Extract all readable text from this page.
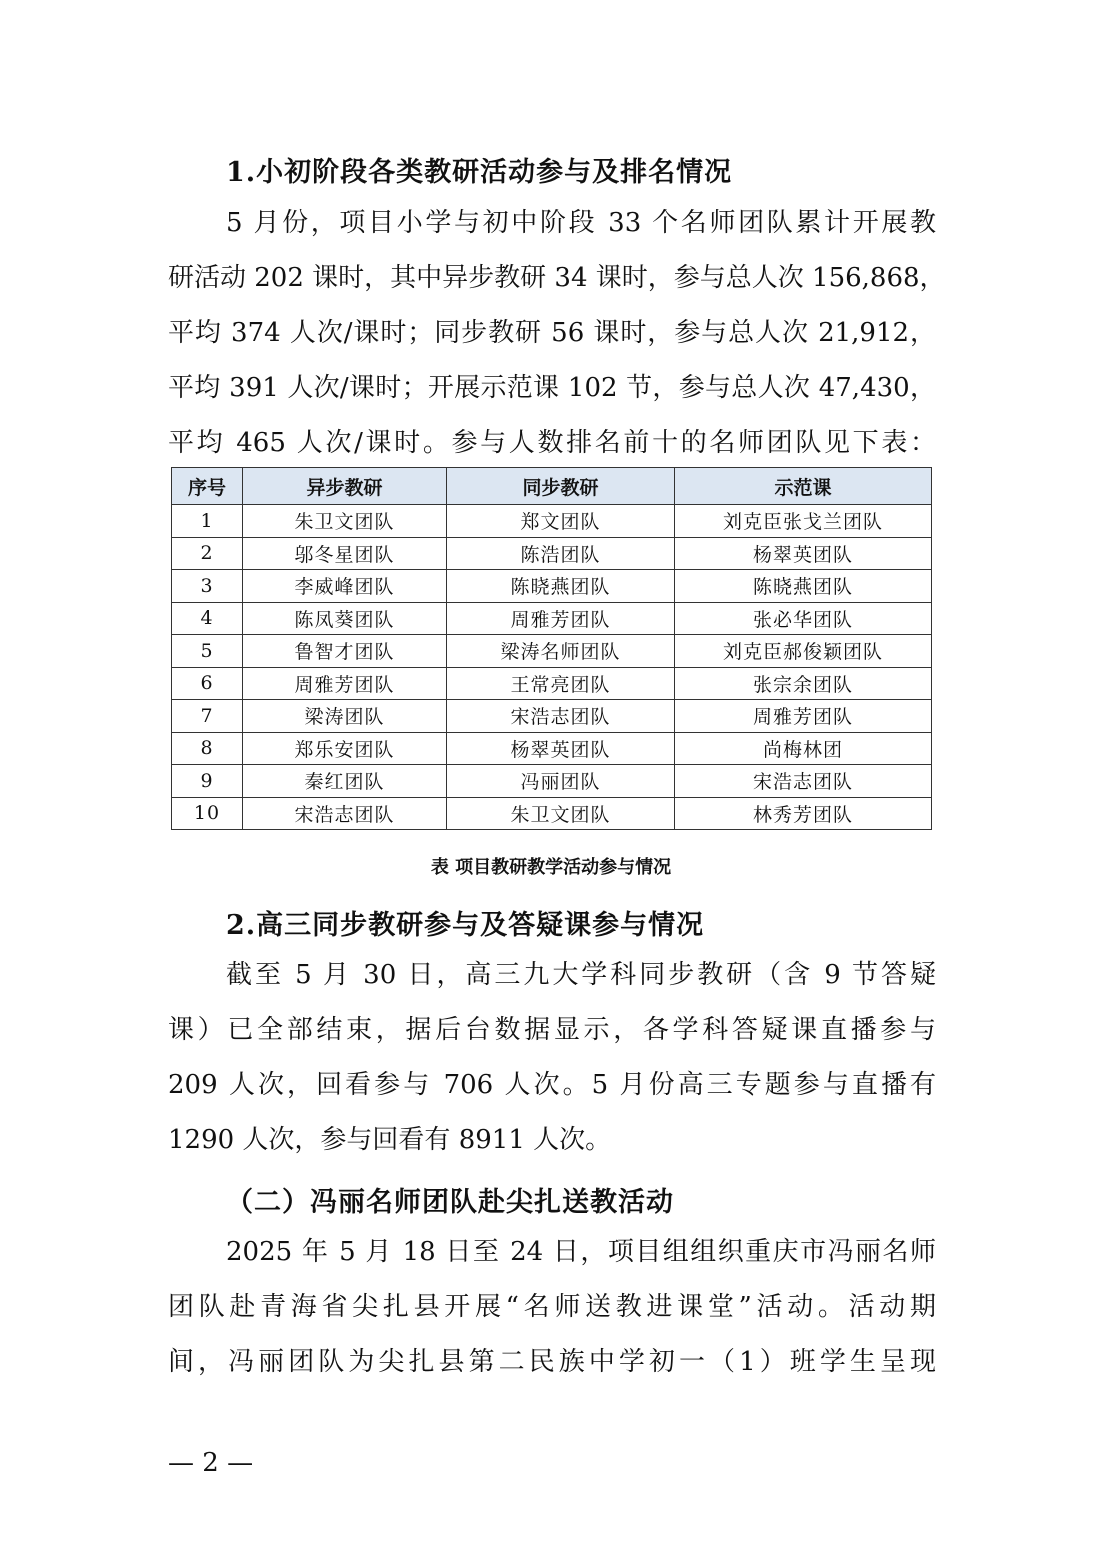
1.小初阶段各类教研活动参与及排名情况
5 月份，项目小学与初中阶段 33 个名师团队累计开展教
研活动 202 课时，其中异步教研 34 课时，参与总人次 156,868，
平均 374 人次/课时；同步教研 56 课时，参与总人次 21,912，
平均 391 人次/课时；开展示范课 102 节，参与总人次 47,430，
平均 465 人次/课时。参与人数排名前十的名师团队见下表：
序号	异步教研	同步教研	示范课
1	朱卫文团队	郑文团队	刘克臣张戈兰团队
2	邬冬星团队	陈浩团队	杨翠英团队
3	李威峰团队	陈晓燕团队	陈晓燕团队
4	陈凤葵团队	周雅芳团队	张必华团队
5	鲁智才团队	梁涛名师团队	刘克臣郝俊颖团队
6	周雅芳团队	王常亮团队	张宗余团队
7	梁涛团队	宋浩志团队	周雅芳团队
8	郑乐安团队	杨翠英团队	尚梅林团
9	秦红团队	冯丽团队	宋浩志团队
10	宋浩志团队	朱卫文团队	林秀芳团队
表 项目教研教学活动参与情况
2.高三同步教研参与及答疑课参与情况
截至 5 月 30 日，高三九大学科同步教研（含 9 节答疑
课）已全部结束，据后台数据显示，各学科答疑课直播参与
209 人次，回看参与 706 人次。5 月份高三专题参与直播有
1290 人次，参与回看有 8911 人次。
（二）冯丽名师团队赴尖扎送教活动
2025 年 5 月 18 日至 24 日，项目组组织重庆市冯丽名师
团队赴青海省尖扎县开展“名师送教进课堂”活动。活动期
间，冯丽团队为尖扎县第二民族中学初一（1）班学生呈现
— 2 —
